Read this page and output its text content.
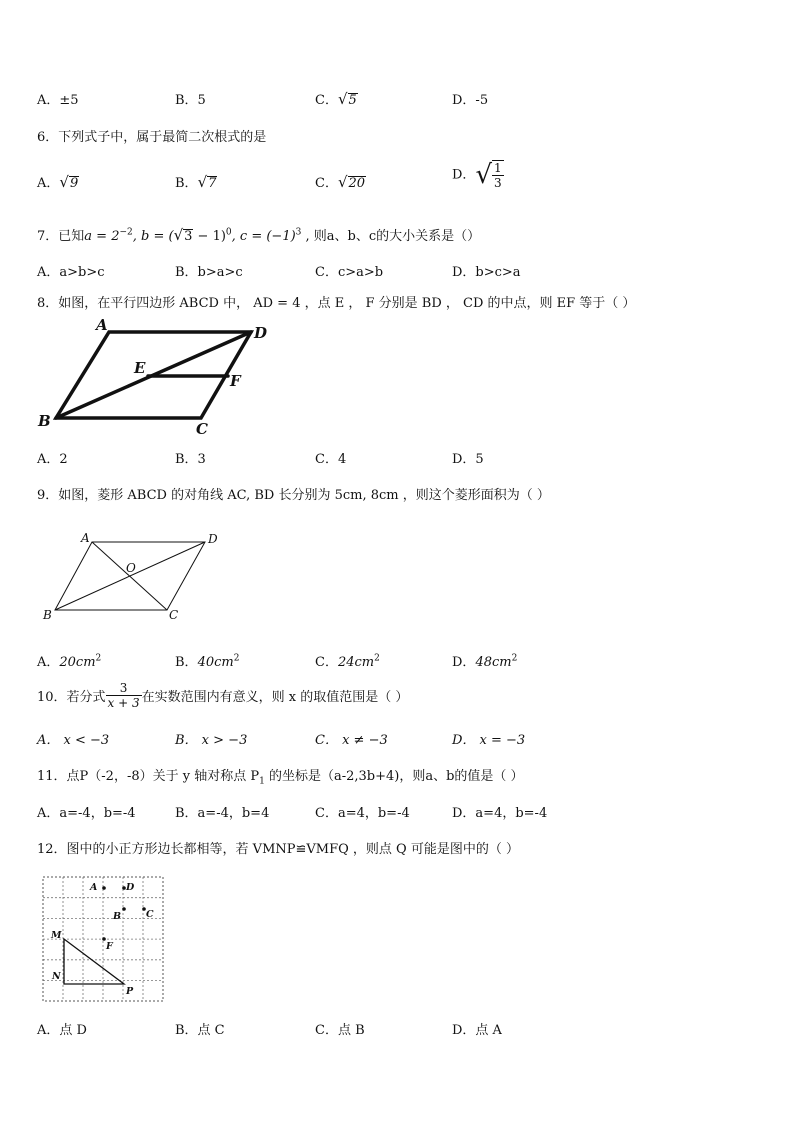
A．±5	B．5	C．√5	D．-5
6．下列式子中，属于最简二次根式的是
A．√9	B．√7	C．√20
D．√ $\frac{1}{3}$
7．已知$a = 2^{-2}$, $b = (√3 - 1)^0$, $c = (-1)^3$ , 则a、b、c的大小关系是（）
A．a>b>c	B．b>a>c	C．c>a>b	D．b>c>a
8．如图，在平行四边形 ABCD 中， AD = 4 ，点 E ， F 分别是 BD ， CD 的中点，则 EF 等于（ ）
A	D
E
F
B	C
A．2	B．3	C．4	D．5
9．如图，菱形 ABCD 的对角线 AC, BD 长分别为 5cm, 8cm ，则这个菱形面积为（ ）
A	D
O
B	C
A．$20cm^2$	B．$40cm^2$	C．$24cm^2$	D．$48cm^2$
10．若分式 $\frac{3}{x + 3}$ 在实数范围内有意义，则 x 的取值范围是（ ）
A． x < −3	B． x > −3	C． x ≠ −3	D． x = −3
11．点P（-2，-8）关于 y 轴对称点 $P_1$ 的坐标是（a-2,3b+4)，则a、b的值是（ ）
A．a=-4，b=-4	B．a=-4，b=4	C．a=4，b=-4	D．a=4，b=-4
12．图中的小正方形边长都相等，若 VMNP≌VMFQ ，则点 Q 可能是图中的（ ）
A	D
B	C
M
F
N
P
A．点 D	B．点 C	C．点 B	D．点 A
